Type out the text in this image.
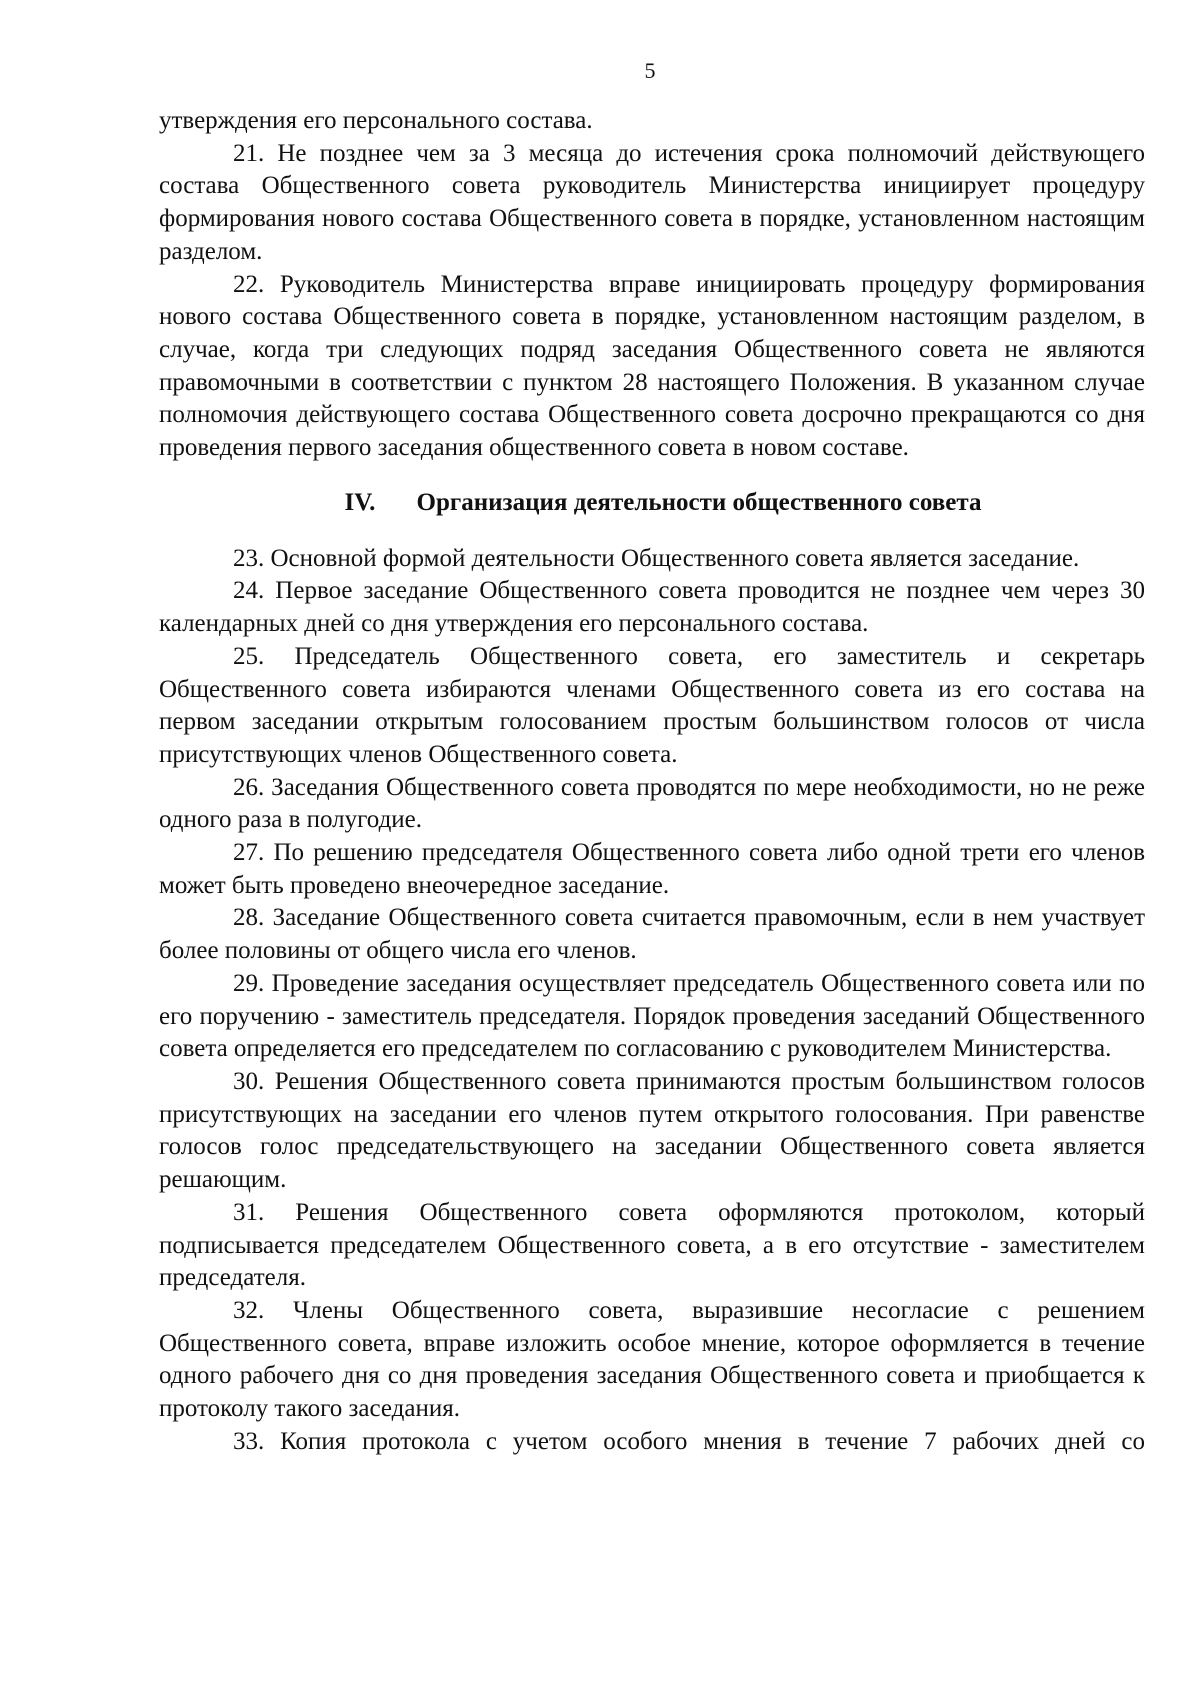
5

утверждения его персонального состава.

21. Не позднее чем за 3 месяца до истечения срока полномочий действующего состава Общественного совета руководитель Министерства инициирует процедуру формирования нового состава Общественного совета в порядке, установленном настоящим разделом.

22. Руководитель Министерства вправе инициировать процедуру формирования нового состава Общественного совета в порядке, установленном настоящим разделом, в случае, когда три следующих подряд заседания Общественного совета не являются правомочными в соответствии с пунктом 28 настоящего Положения. В указанном случае полномочия действующего состава Общественного совета досрочно прекращаются со дня проведения первого заседания общественного совета в новом составе.

IV. Организация деятельности общественного совета

23. Основной формой деятельности Общественного совета является заседание.

24. Первое заседание Общественного совета проводится не позднее чем через 30 календарных дней со дня утверждения его персонального состава.

25. Председатель Общественного совета, его заместитель и секретарь Общественного совета избираются членами Общественного совета из его состава на первом заседании открытым голосованием простым большинством голосов от числа присутствующих членов Общественного совета.

26. Заседания Общественного совета проводятся по мере необходимости, но не реже одного раза в полугодие.

27. По решению председателя Общественного совета либо одной трети его членов может быть проведено внеочередное заседание.

28. Заседание Общественного совета считается правомочным, если в нем участвует более половины от общего числа его членов.

29. Проведение заседания осуществляет председатель Общественного совета или по его поручению - заместитель председателя. Порядок проведения заседаний Общественного совета определяется его председателем по согласованию с руководителем Министерства.

30. Решения Общественного совета принимаются простым большинством голосов присутствующих на заседании его членов путем открытого голосования. При равенстве голосов голос председательствующего на заседании Общественного совета является решающим.

31. Решения Общественного совета оформляются протоколом, который подписывается председателем Общественного совета, а в его отсутствие - заместителем председателя.

32. Члены Общественного совета, выразившие несогласие с решением Общественного совета, вправе изложить особое мнение, которое оформляется в течение одного рабочего дня со дня проведения заседания Общественного совета и приобщается к протоколу такого заседания.

33. Копия протокола с учетом особого мнения в течение 7 рабочих дней со
